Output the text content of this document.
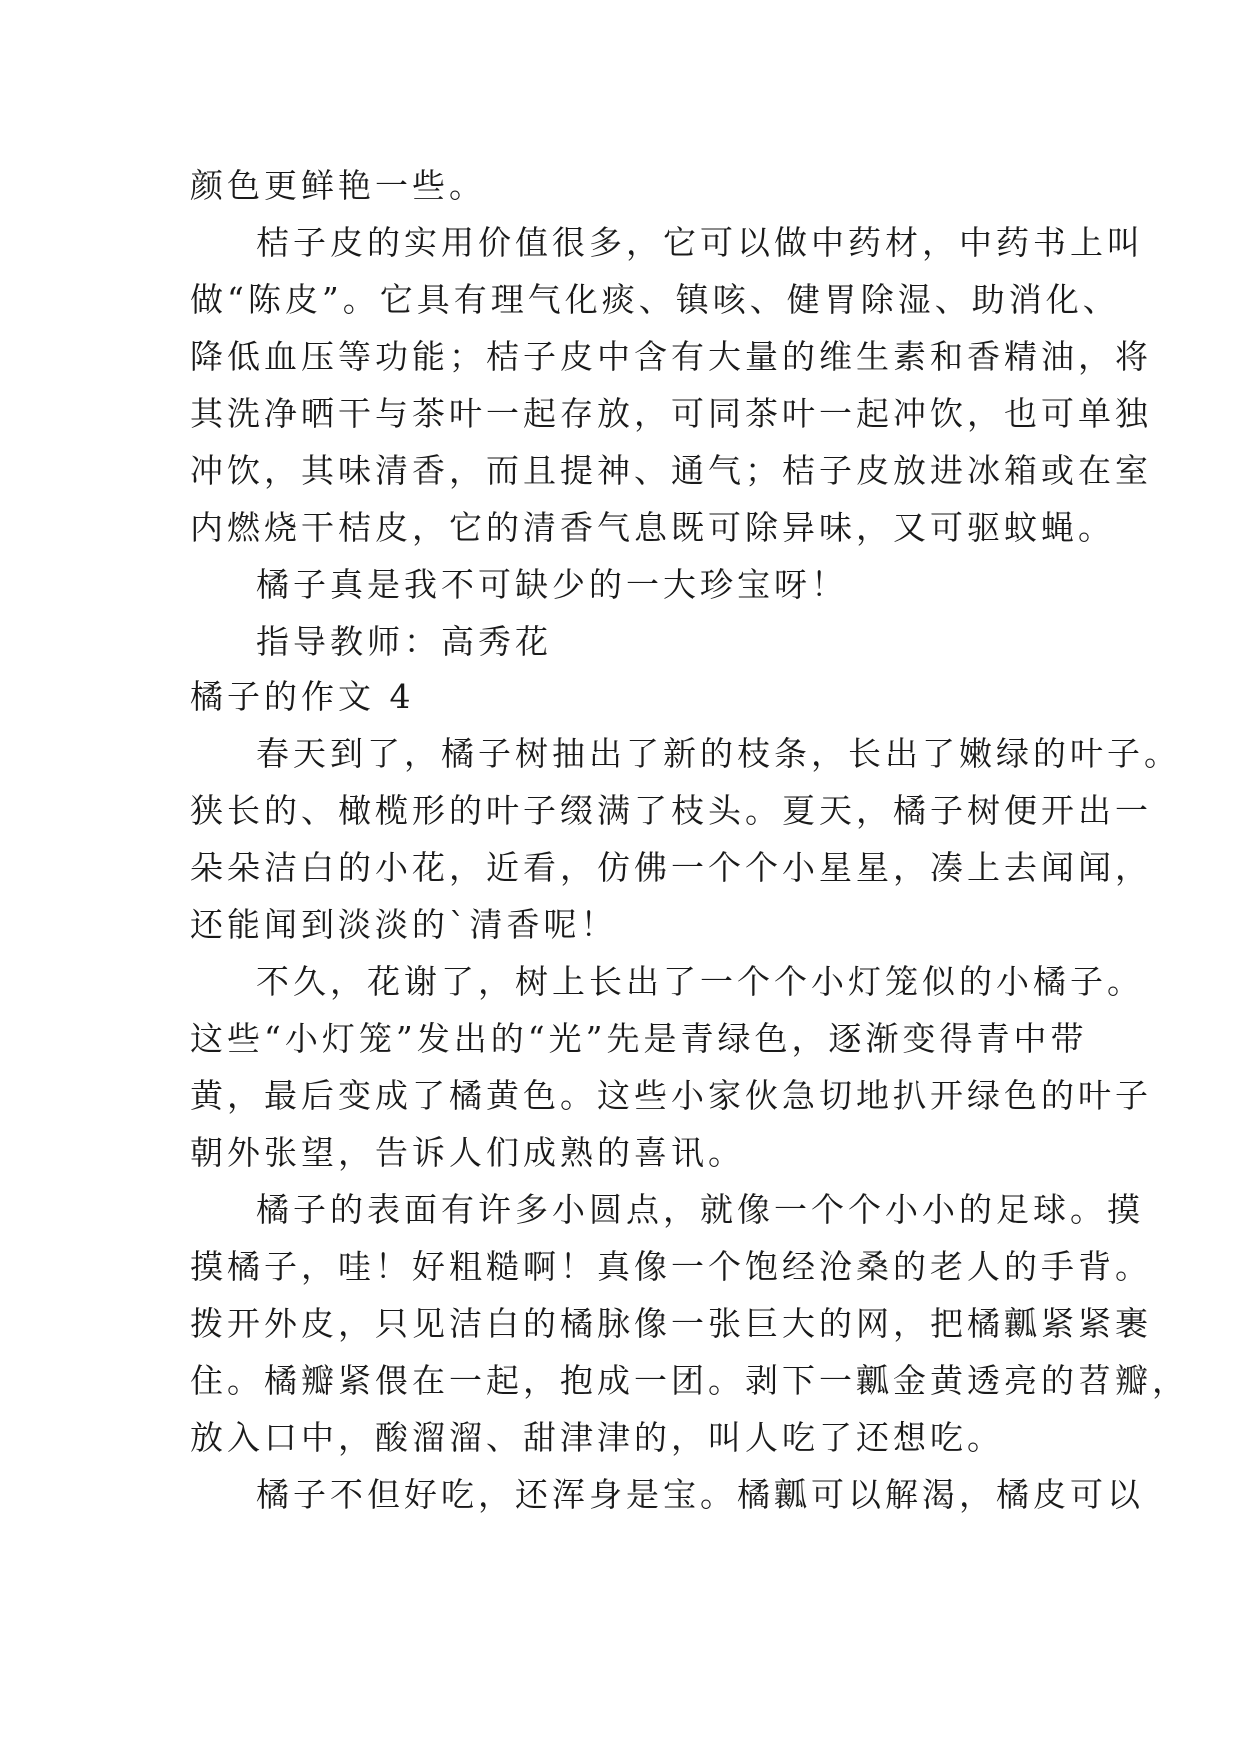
颜色更鲜艳一些。
桔子皮的实用价值很多，它可以做中药材，中药书上叫
做“陈皮”。它具有理气化痰、镇咳、健胃除湿、助消化、
降低血压等功能；桔子皮中含有大量的维生素和香精油，将
其洗净晒干与茶叶一起存放，可同茶叶一起冲饮，也可单独
冲饮，其味清香，而且提神、通气；桔子皮放进冰箱或在室
内燃烧干桔皮，它的清香气息既可除异味，又可驱蚊蝇。
橘子真是我不可缺少的一大珍宝呀！
指导教师：高秀花
橘子的作文 4
春天到了，橘子树抽出了新的枝条，长出了嫩绿的叶子。
狭长的、橄榄形的叶子缀满了枝头。夏天，橘子树便开出一
朵朵洁白的小花，近看，仿佛一个个小星星，凑上去闻闻，
还能闻到淡淡的`清香呢！
不久，花谢了，树上长出了一个个小灯笼似的小橘子。
这些“小灯笼”发出的“光”先是青绿色，逐渐变得青中带
黄，最后变成了橘黄色。这些小家伙急切地扒开绿色的叶子
朝外张望，告诉人们成熟的喜讯。
橘子的表面有许多小圆点，就像一个个小小的足球。摸
摸橘子，哇！好粗糙啊！真像一个饱经沧桑的老人的手背。
拨开外皮，只见洁白的橘脉像一张巨大的网，把橘瓤紧紧裹
住。橘瓣紧偎在一起，抱成一团。剥下一瓤金黄透亮的苕瓣，
放入口中，酸溜溜、甜津津的，叫人吃了还想吃。
橘子不但好吃，还浑身是宝。橘瓤可以解渴，橘皮可以
